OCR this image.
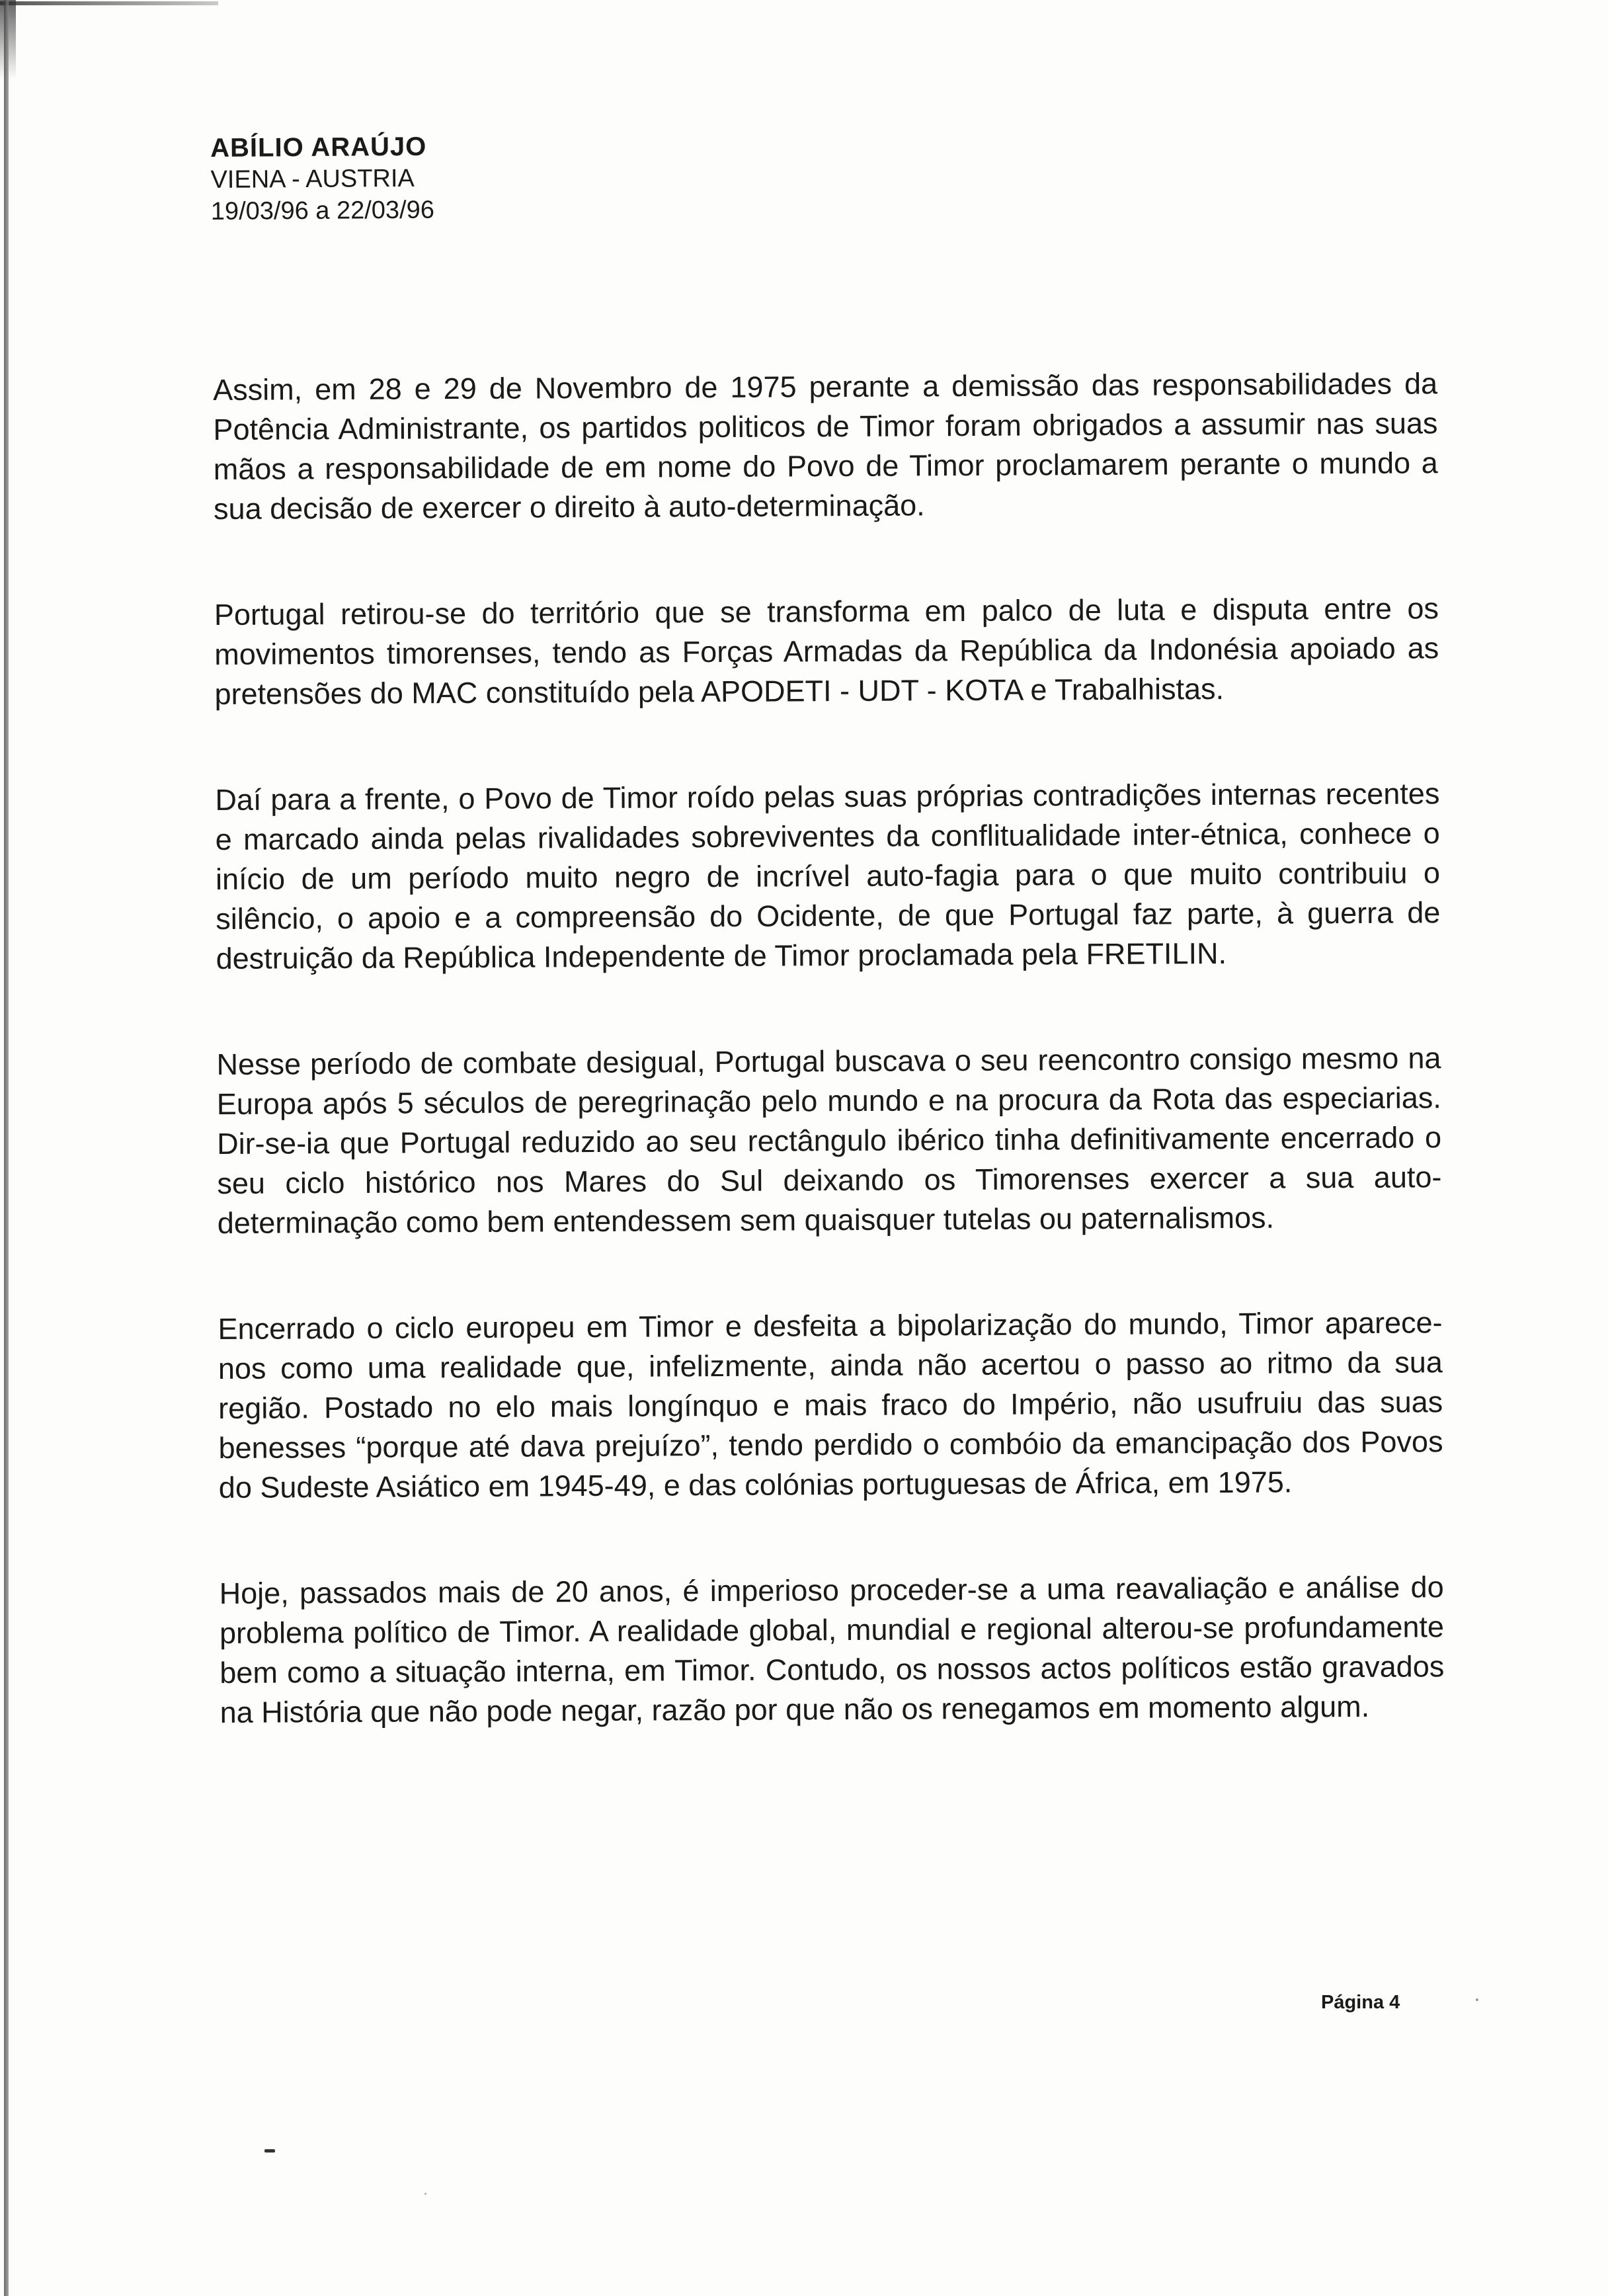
ABÍLIO ARAÚJO
VIENA - AUSTRIA
19/03/96 a 22/03/96

Assim, em 28 e 29 de Novembro de 1975 perante a demissão das responsabilidades da Potência Administrante, os partidos politicos de Timor foram obrigados a assumir nas suas mãos a responsabilidade de em nome do Povo de Timor proclamarem perante o mundo a sua decisão de exercer o direito à auto-determinação.

Portugal retirou-se do território que se transforma em palco de luta e disputa entre os movimentos timorenses, tendo as Forças Armadas da República da Indonésia apoiado as pretensões do MAC constituído pela APODETI - UDT - KOTA e Trabalhistas.

Daí para a frente, o Povo de Timor roído pelas suas próprias contradições internas recentes e marcado ainda pelas rivalidades sobreviventes da conflitualidade inter-étnica, conhece o início de um período muito negro de incrível auto-fagia para o que muito contribuiu o silêncio, o apoio e a compreensão do Ocidente, de que Portugal faz parte, à guerra de destruição da República Independente de Timor proclamada pela FRETILIN.

Nesse período de combate desigual, Portugal buscava o seu reencontro consigo mesmo na Europa após 5 séculos de peregrinação pelo mundo e na procura da Rota das especiarias. Dir-se-ia que Portugal reduzido ao seu rectângulo ibérico tinha definitivamente encerrado o seu ciclo histórico nos Mares do Sul deixando os Timorenses exercer a sua auto-determinação como bem entendessem sem quaisquer tutelas ou paternalismos.

Encerrado o ciclo europeu em Timor e desfeita a bipolarização do mundo, Timor aparece-nos como uma realidade que, infelizmente, ainda não acertou o passo ao ritmo da sua região. Postado no elo mais longínquo e mais fraco do Império, não usufruiu das suas benesses “porque até dava prejuízo”, tendo perdido o combóio da emancipação dos Povos do Sudeste Asiático em 1945-49, e das colónias portuguesas de África, em 1975.

Hoje, passados mais de 20 anos, é imperioso proceder-se a uma reavaliação e análise do problema político de Timor. A realidade global, mundial e regional alterou-se profundamente bem como a situação interna, em Timor. Contudo, os nossos actos políticos estão gravados na História que não pode negar, razão por que não os renegamos em momento algum.

Página 4
